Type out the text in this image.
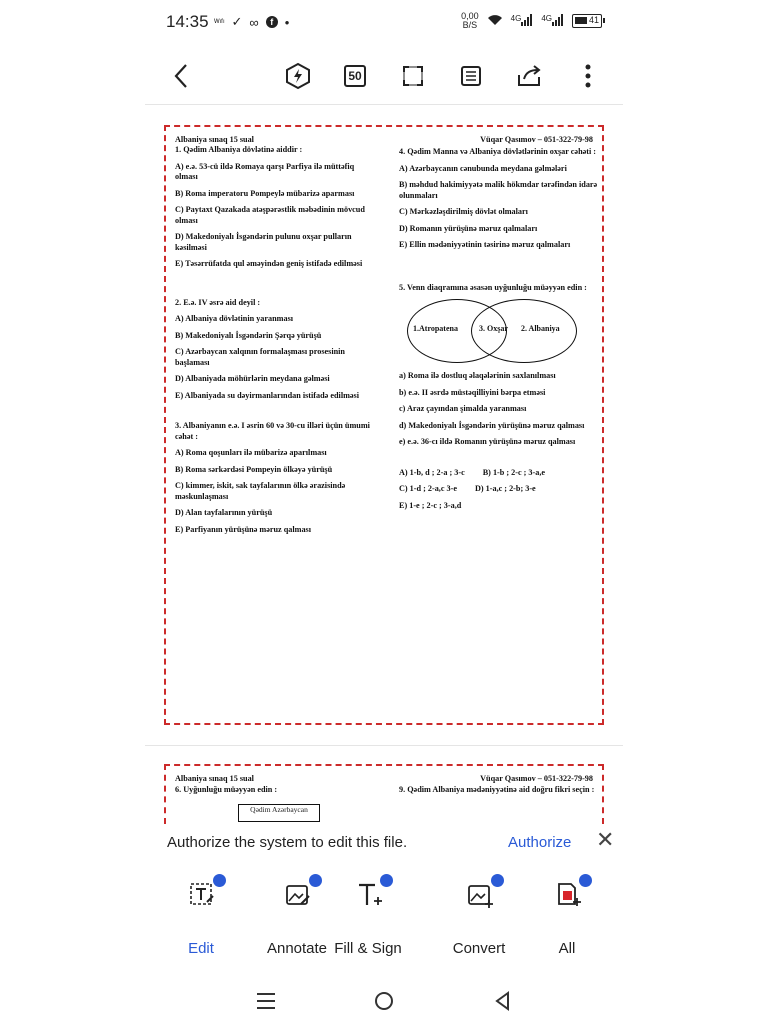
14:35 ᵂᶦᶠᶦ ✓ ∞	f •	0,00
B/S
$^{4G}$	$^{4G}$	41
50
Albaniya sınaq 15 sual	Vüqar Qasımov – 051-322-79-98
1. Qədim Albaniya dövlətinə aiddir :
A) e.ə. 53-cü ildə Romaya qarşı Parfiya ilə müttəfiq olması
B) Roma imperatoru Pompeylə mübarizə aparması
C) Paytaxt Qazakada atəşpərəstlik məbədinin mövcud olması
D) Makedoniyalı İsgəndərin pulunu oxşar pulların kəsilməsi
E) Təsərrüfatda qul əməyindən geniş istifadə edilməsi
2. E.ə. IV əsrə aid deyil :
A) Albaniya dövlətinin yaranması
B) Makedoniyalı İsgəndərin Şərqə yürüşü
C) Azərbaycan xalqının formalaşması prosesinin başlaması
D) Albaniyada möhürlərin meydana gəlməsi
E) Albaniyada su dəyirmanlarından istifadə edilməsi
3. Albaniyanın e.ə. I əsrin 60 və 30-cu illəri üçün ümumi cəhət :
A) Roma qoşunları ilə mübarizə aparılması
B) Roma sərkərdəsi Pompeyin ölkəyə yürüşü
C) kimmer, iskit, sak tayfalarının ölkə ərazisində məskunlaşması
D) Alan tayfalarının yürüşü
E) Parfiyanın yürüşünə məruz qalması
4. Qədim Manna və Albaniya dövlətlərinin oxşar cəhəti :
A) Azərbaycanın cənubunda meydana gəlmələri
B) məhdud hakimiyyətə malik hökmdar tərəfindən idarə olunmaları
C) Mərkəzləşdirilmiş dövlət olmaları
D) Romanın yürüşünə məruz qalmaları
E) Ellin mədəniyyətinin təsirinə məruz qalmaları
5. Venn diaqramına əsasən uyğunluğu müəyyən edin :
1.Atropatena	3. Oxşar 2. Albaniya
a) Roma ilə dostluq əlaqələrinin saxlanılması
b) e.ə. II əsrdə müstəqilliyini bərpa etməsi
c) Araz çayından şimalda yaranması
d) Makedoniyalı İsgəndərin yürüşünə məruz qalması
e) e.ə. 36-cı ildə Romanın yürüşünə məruz qalması
A) 1-b, d ; 2-a ; 3-c B) 1-b ; 2-c ; 3-a,e
C) 1-d ; 2-a,c 3-e D) 1-a,c ; 2-b; 3-e
E) 1-e ; 2-c ; 3-a,d
Albaniya sınaq 15 sual	Vüqar Qasımov – 051-322-79-98
6. Uyğunluğu müəyyən edin :
Qədim Azərbaycan
9. Qədim Albaniya mədəniyyətinə aid doğru fikri seçin :
Authorize the system to edit this file.	Authorize ✕
Edit	Annotate Fill & Sign	Convert	All
